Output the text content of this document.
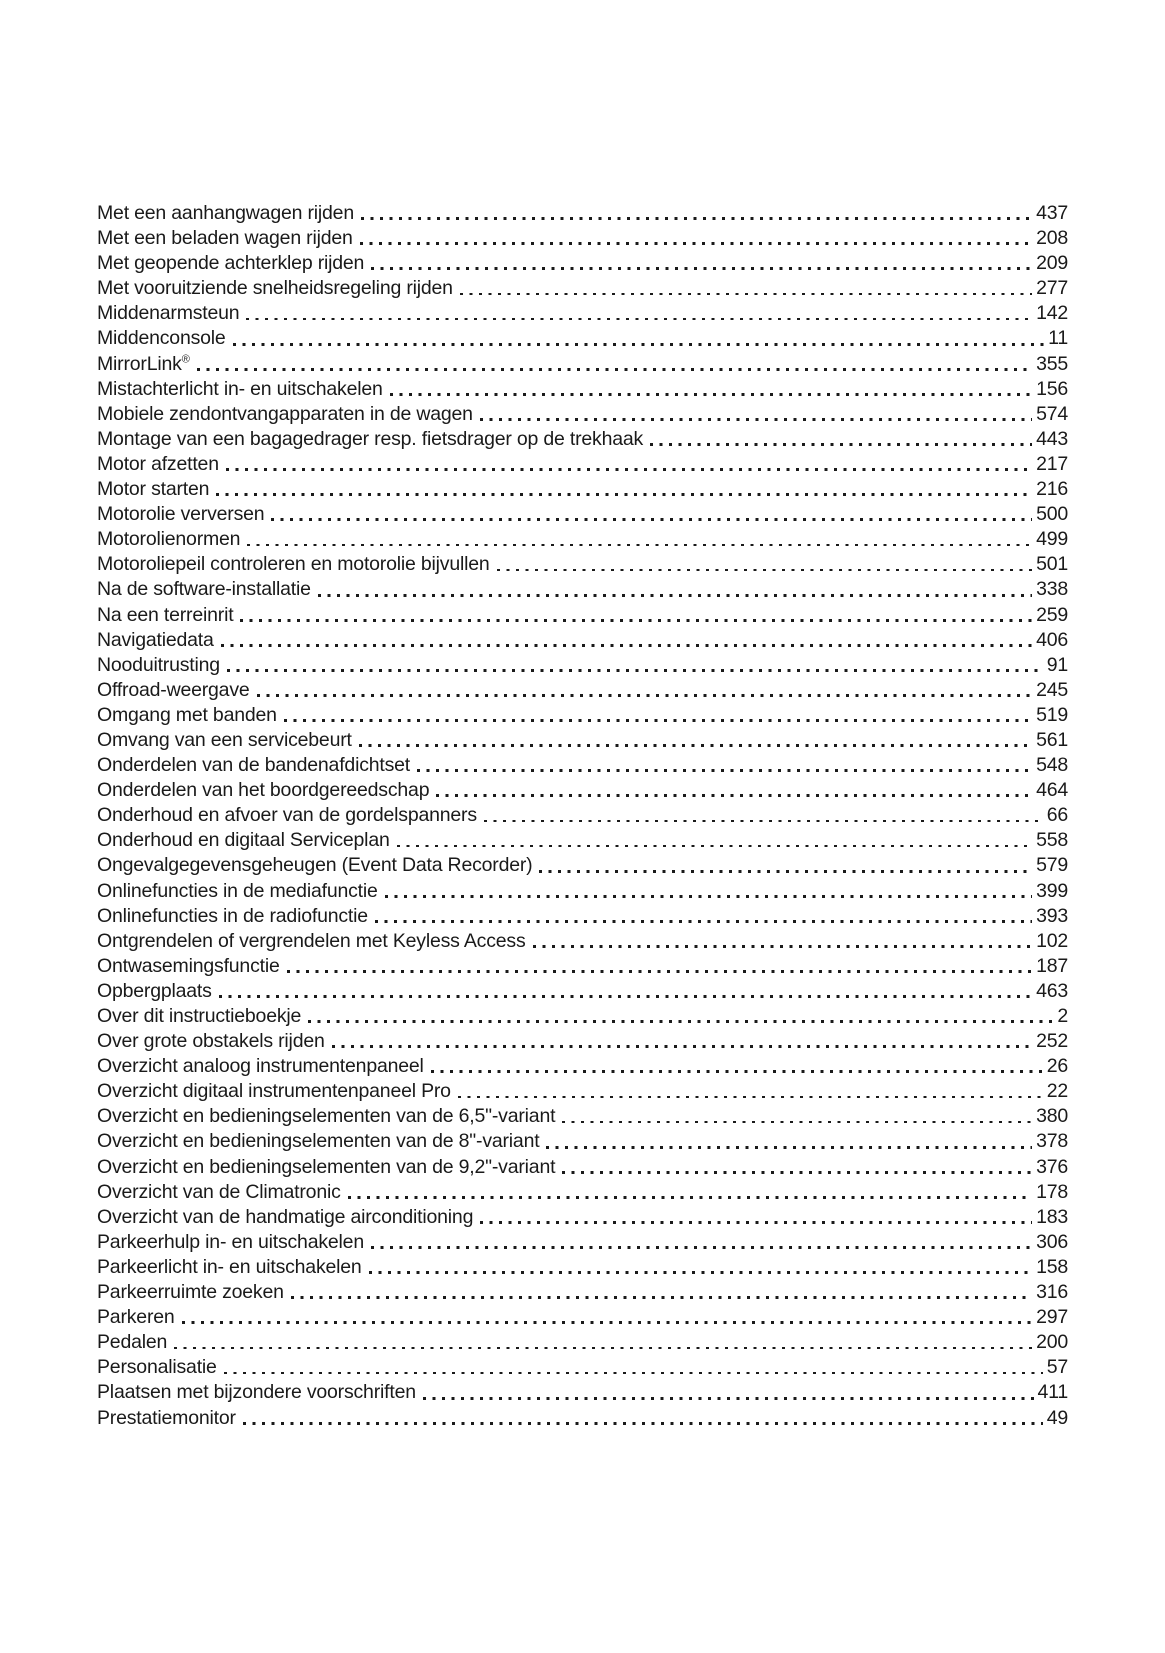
Met een aanhangwagen rijden	437
Met een beladen wagen rijden	208
Met geopende achterklep rijden	209
Met vooruitziende snelheidsregeling rijden	277
Middenarmsteun	142
Middenconsole	11
MirrorLink®	355
Mistachterlicht in- en uitschakelen	156
Mobiele zendontvangapparaten in de wagen	574
Montage van een bagagedrager resp. fietsdrager op de trekhaak	443
Motor afzetten	217
Motor starten	216
Motorolie verversen	500
Motorolienormen	499
Motoroliepeil controleren en motorolie bijvullen	501
Na de software-installatie	338
Na een terreinrit	259
Navigatiedata	406
Nooduitrusting	91
Offroad-weergave	245
Omgang met banden	519
Omvang van een servicebeurt	561
Onderdelen van de bandenafdichtset	548
Onderdelen van het boordgereedschap	464
Onderhoud en afvoer van de gordelspanners	66
Onderhoud en digitaal Serviceplan	558
Ongevalgegevensgeheugen (Event Data Recorder)	579
Onlinefuncties in de mediafunctie	399
Onlinefuncties in de radiofunctie	393
Ontgrendelen of vergrendelen met Keyless Access	102
Ontwasemingsfunctie	187
Opbergplaats	463
Over dit instructieboekje	2
Over grote obstakels rijden	252
Overzicht analoog instrumentenpaneel	26
Overzicht digitaal instrumentenpaneel Pro	22
Overzicht en bedieningselementen van de 6,5"-variant	380
Overzicht en bedieningselementen van de 8"-variant	378
Overzicht en bedieningselementen van de 9,2"-variant	376
Overzicht van de Climatronic	178
Overzicht van de handmatige airconditioning	183
Parkeerhulp in- en uitschakelen	306
Parkeerlicht in- en uitschakelen	158
Parkeerruimte zoeken	316
Parkeren	297
Pedalen	200
Personalisatie	57
Plaatsen met bijzondere voorschriften	411
Prestatiemonitor	49
